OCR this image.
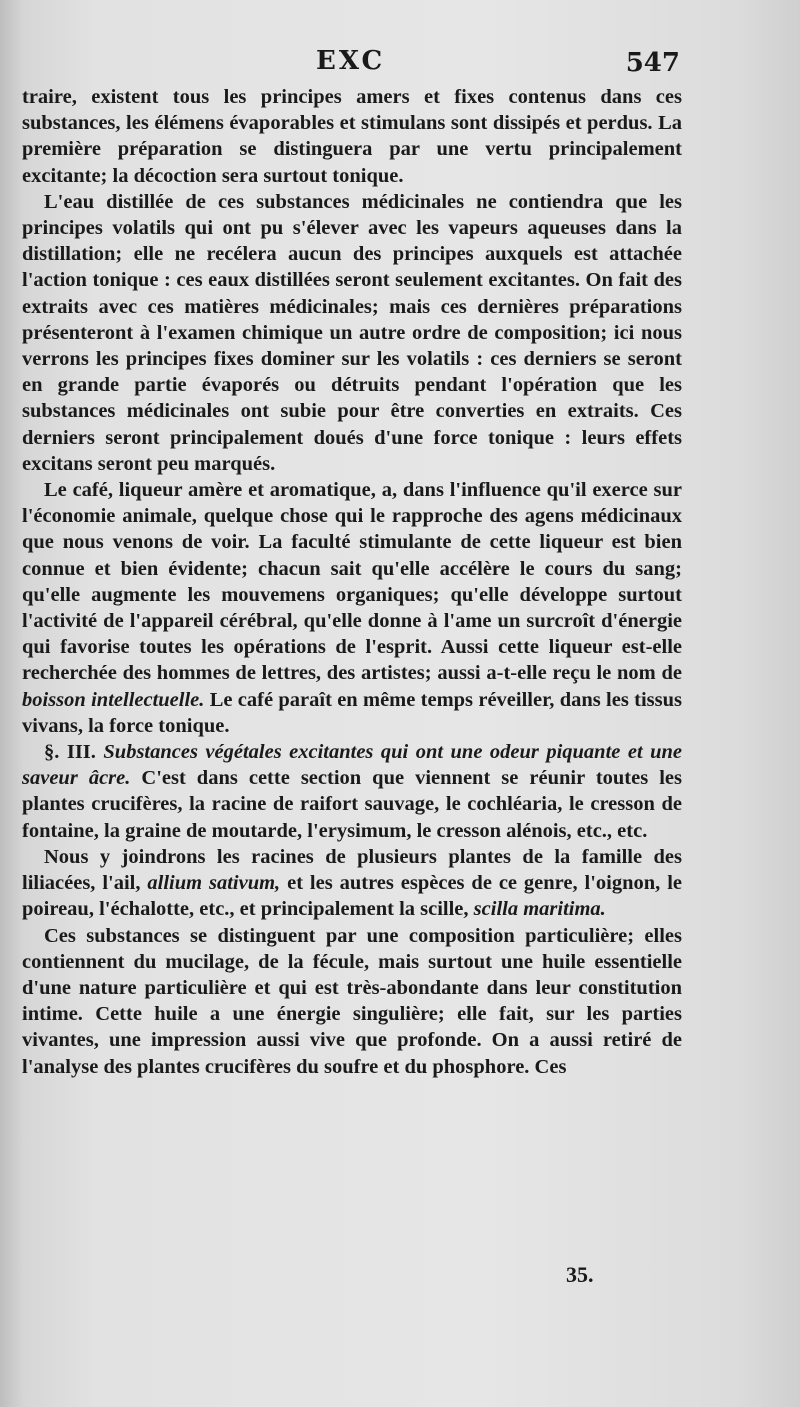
EXC	547

traire, existent tous les principes amers et fixes contenus dans ces substances, les élémens évaporables et stimulans sont dissipés et perdus. La première préparation se distinguera par une vertu principalement excitante; la décoction sera surtout tonique.

L'eau distillée de ces substances médicinales ne contiendra que les principes volatils qui ont pu s'élever avec les vapeurs aqueuses dans la distillation; elle ne recélera aucun des principes auxquels est attachée l'action tonique : ces eaux distillées seront seulement excitantes. On fait des extraits avec ces matières médicinales; mais ces dernières préparations présenteront à l'examen chimique un autre ordre de composition; ici nous verrons les principes fixes dominer sur les volatils : ces derniers se seront en grande partie évaporés ou détruits pendant l'opération que les substances médicinales ont subie pour être converties en extraits. Ces derniers seront principalement doués d'une force tonique : leurs effets excitans seront peu marqués.

Le café, liqueur amère et aromatique, a, dans l'influence qu'il exerce sur l'économie animale, quelque chose qui le rapproche des agens médicinaux que nous venons de voir. La faculté stimulante de cette liqueur est bien connue et bien évidente; chacun sait qu'elle accélère le cours du sang; qu'elle augmente les mouvemens organiques; qu'elle développe surtout l'activité de l'appareil cérébral, qu'elle donne à l'ame un surcroît d'énergie qui favorise toutes les opérations de l'esprit. Aussi cette liqueur est-elle recherchée des hommes de lettres, des artistes; aussi a-t-elle reçu le nom de boisson intellectuelle. Le café paraît en même temps réveiller, dans les tissus vivans, la force tonique.

§. III. Substances végétales excitantes qui ont une odeur piquante et une saveur âcre. C'est dans cette section que viennent se réunir toutes les plantes crucifères, la racine de raifort sauvage, le cochléaria, le cresson de fontaine, la graine de moutarde, l'erysimum, le cresson alénois, etc., etc.

Nous y joindrons les racines de plusieurs plantes de la famille des liliacées, l'ail, allium sativum, et les autres espèces de ce genre, l'oignon, le poireau, l'échalotte, etc., et principalement la scille, scilla maritima.

Ces substances se distinguent par une composition particulière; elles contiennent du mucilage, de la fécule, mais surtout une huile essentielle d'une nature particulière et qui est très-abondante dans leur constitution intime. Cette huile a une énergie singulière; elle fait, sur les parties vivantes, une impression aussi vive que profonde. On a aussi retiré de l'analyse des plantes crucifères du soufre et du phosphore. Ces

35.
